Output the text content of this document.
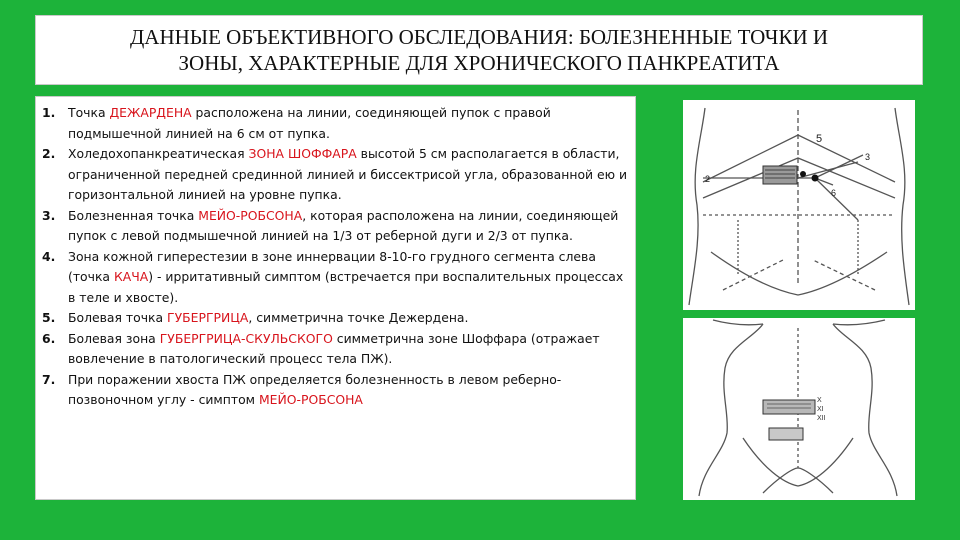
ДАННЫЕ ОБЪЕКТИВНОГО ОБСЛЕДОВАНИЯ: БОЛЕЗНЕННЫЕ ТОЧКИ И
ЗОНЫ, ХАРАКТЕРНЫЕ ДЛЯ ХРОНИЧЕСКОГО ПАНКРЕАТИТА
1. Точка ДЕЖАРДЕНА расположена на линии, соединяющей пупок с правой подмышечной линией на 6 см от пупка.
2. Холедохопанкреатическая ЗОНА ШОФФАРА высотой 5 см располагается в области, ограниченной передней срединной линией и биссектрисой угла, образованной ею и горизонтальной линией на уровне пупка.
3. Болезненная точка МЕЙО-РОБСОНА, которая расположена на линии, соединяющей пупок с левой подмышечной линией на 1/3 от реберной дуги и 2/3 от пупка.
4. Зона кожной гиперестезии в зоне иннервации 8-10-го грудного сегмента слева (точка КАЧА) - ирритативный симптом (встречается при воспалительных процессах в теле и хвосте).
5. Болевая точка ГУБЕРГРИЦА, симметрична точке Дежердена.
6. Болевая зона ГУБЕРГРИЦА-СКУЛЬСКОГО симметрична зоне Шоффара (отражает вовлечение в патологический процесс тела ПЖ).
7. При поражении хвоста ПЖ определяется болезненность в левом реберно-позвоночном углу - симптом МЕЙО-РОБСОНА
5
3
2
6
X
XI
XII
